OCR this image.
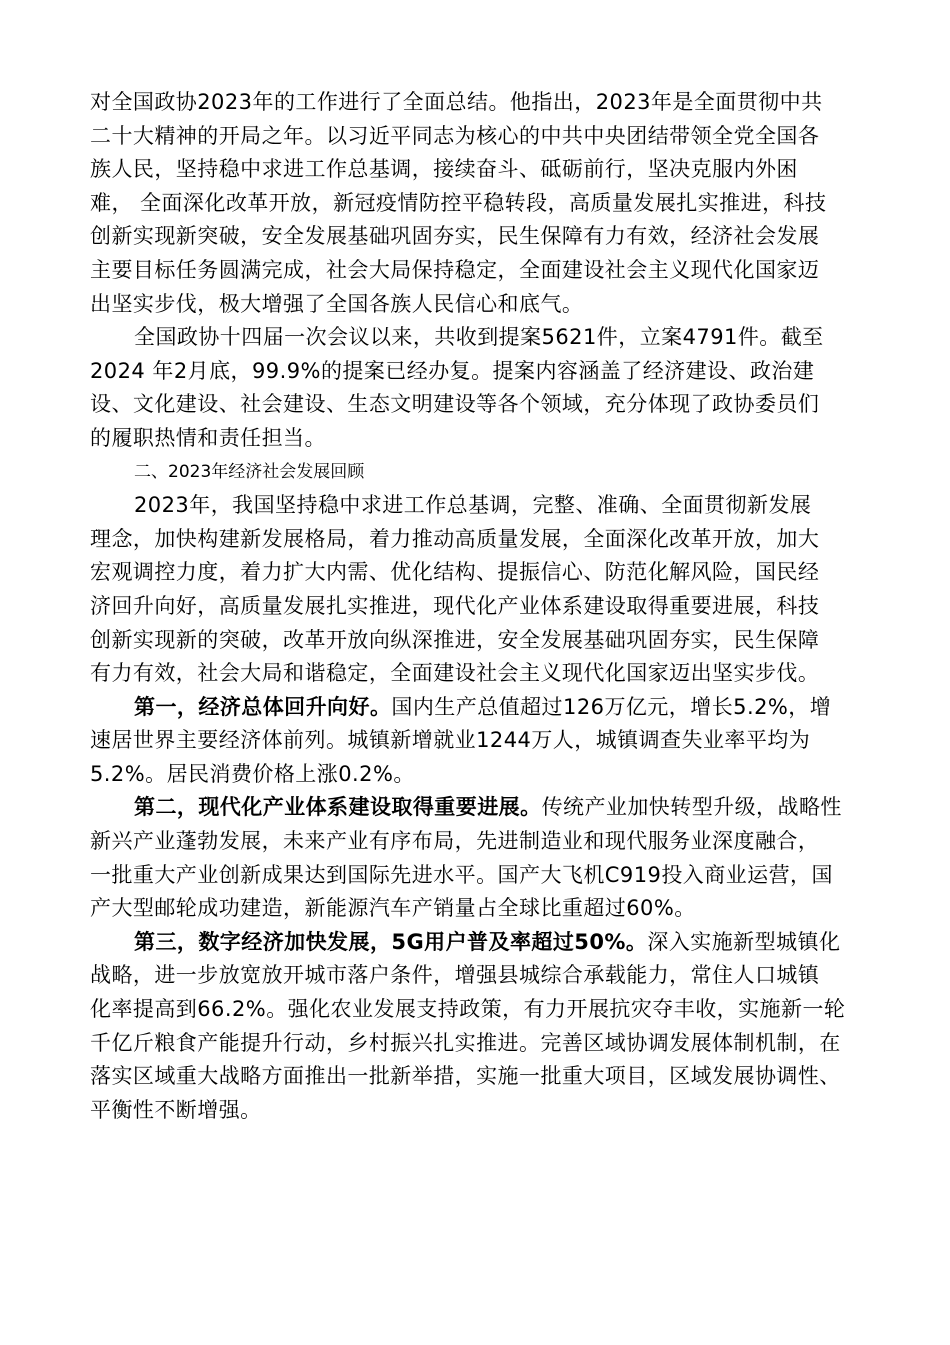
对全国政协2023年的工作进行了全面总结。他指出，2023年是全面贯彻中共
二十大精神的开局之年。以习近平同志为核心的中共中央团结带领全党全国各
族人民，坚持稳中求进工作总基调，接续奋斗、砥砺前行，坚决克服内外困
难， 全面深化改革开放，新冠疫情防控平稳转段，高质量发展扎实推进，科技
创新实现新突破，安全发展基础巩固夯实，民生保障有力有效，经济社会发展
主要目标任务圆满完成，社会大局保持稳定，全面建设社会主义现代化国家迈
出坚实步伐，极大增强了全国各族人民信心和底气。

全国政协十四届一次会议以来，共收到提案5621件，立案4791件。截至
2024 年2月底，99.9%的提案已经办复。提案内容涵盖了经济建设、政治建
设、文化建设、社会建设、生态文明建设等各个领域，充分体现了政协委员们
的履职热情和责任担当。

二、2023年经济社会发展回顾

2023年，我国坚持稳中求进工作总基调，完整、准确、全面贯彻新发展
理念，加快构建新发展格局，着力推动高质量发展，全面深化改革开放，加大
宏观调控力度，着力扩大内需、优化结构、提振信心、防范化解风险，国民经
济回升向好，高质量发展扎实推进，现代化产业体系建设取得重要进展，科技
创新实现新的突破，改革开放向纵深推进，安全发展基础巩固夯实，民生保障
有力有效，社会大局和谐稳定，全面建设社会主义现代化国家迈出坚实步伐。

第一，经济总体回升向好。国内生产总值超过126万亿元，增长5.2%，增
速居世界主要经济体前列。城镇新增就业1244万人，城镇调查失业率平均为
5.2%。居民消费价格上涨0.2%。

第二，现代化产业体系建设取得重要进展。传统产业加快转型升级，战略性
新兴产业蓬勃发展，未来产业有序布局，先进制造业和现代服务业深度融合，
一批重大产业创新成果达到国际先进水平。国产大飞机C919投入商业运营，国
产大型邮轮成功建造，新能源汽车产销量占全球比重超过60%。

第三，数字经济加快发展，5G用户普及率超过50%。深入实施新型城镇化
战略，进一步放宽放开城市落户条件，增强县城综合承载能力，常住人口城镇
化率提高到66.2%。强化农业发展支持政策，有力开展抗灾夺丰收，实施新一轮
千亿斤粮食产能提升行动，乡村振兴扎实推进。完善区域协调发展体制机制，在
落实区域重大战略方面推出一批新举措，实施一批重大项目，区域发展协调性、
平衡性不断增强。
